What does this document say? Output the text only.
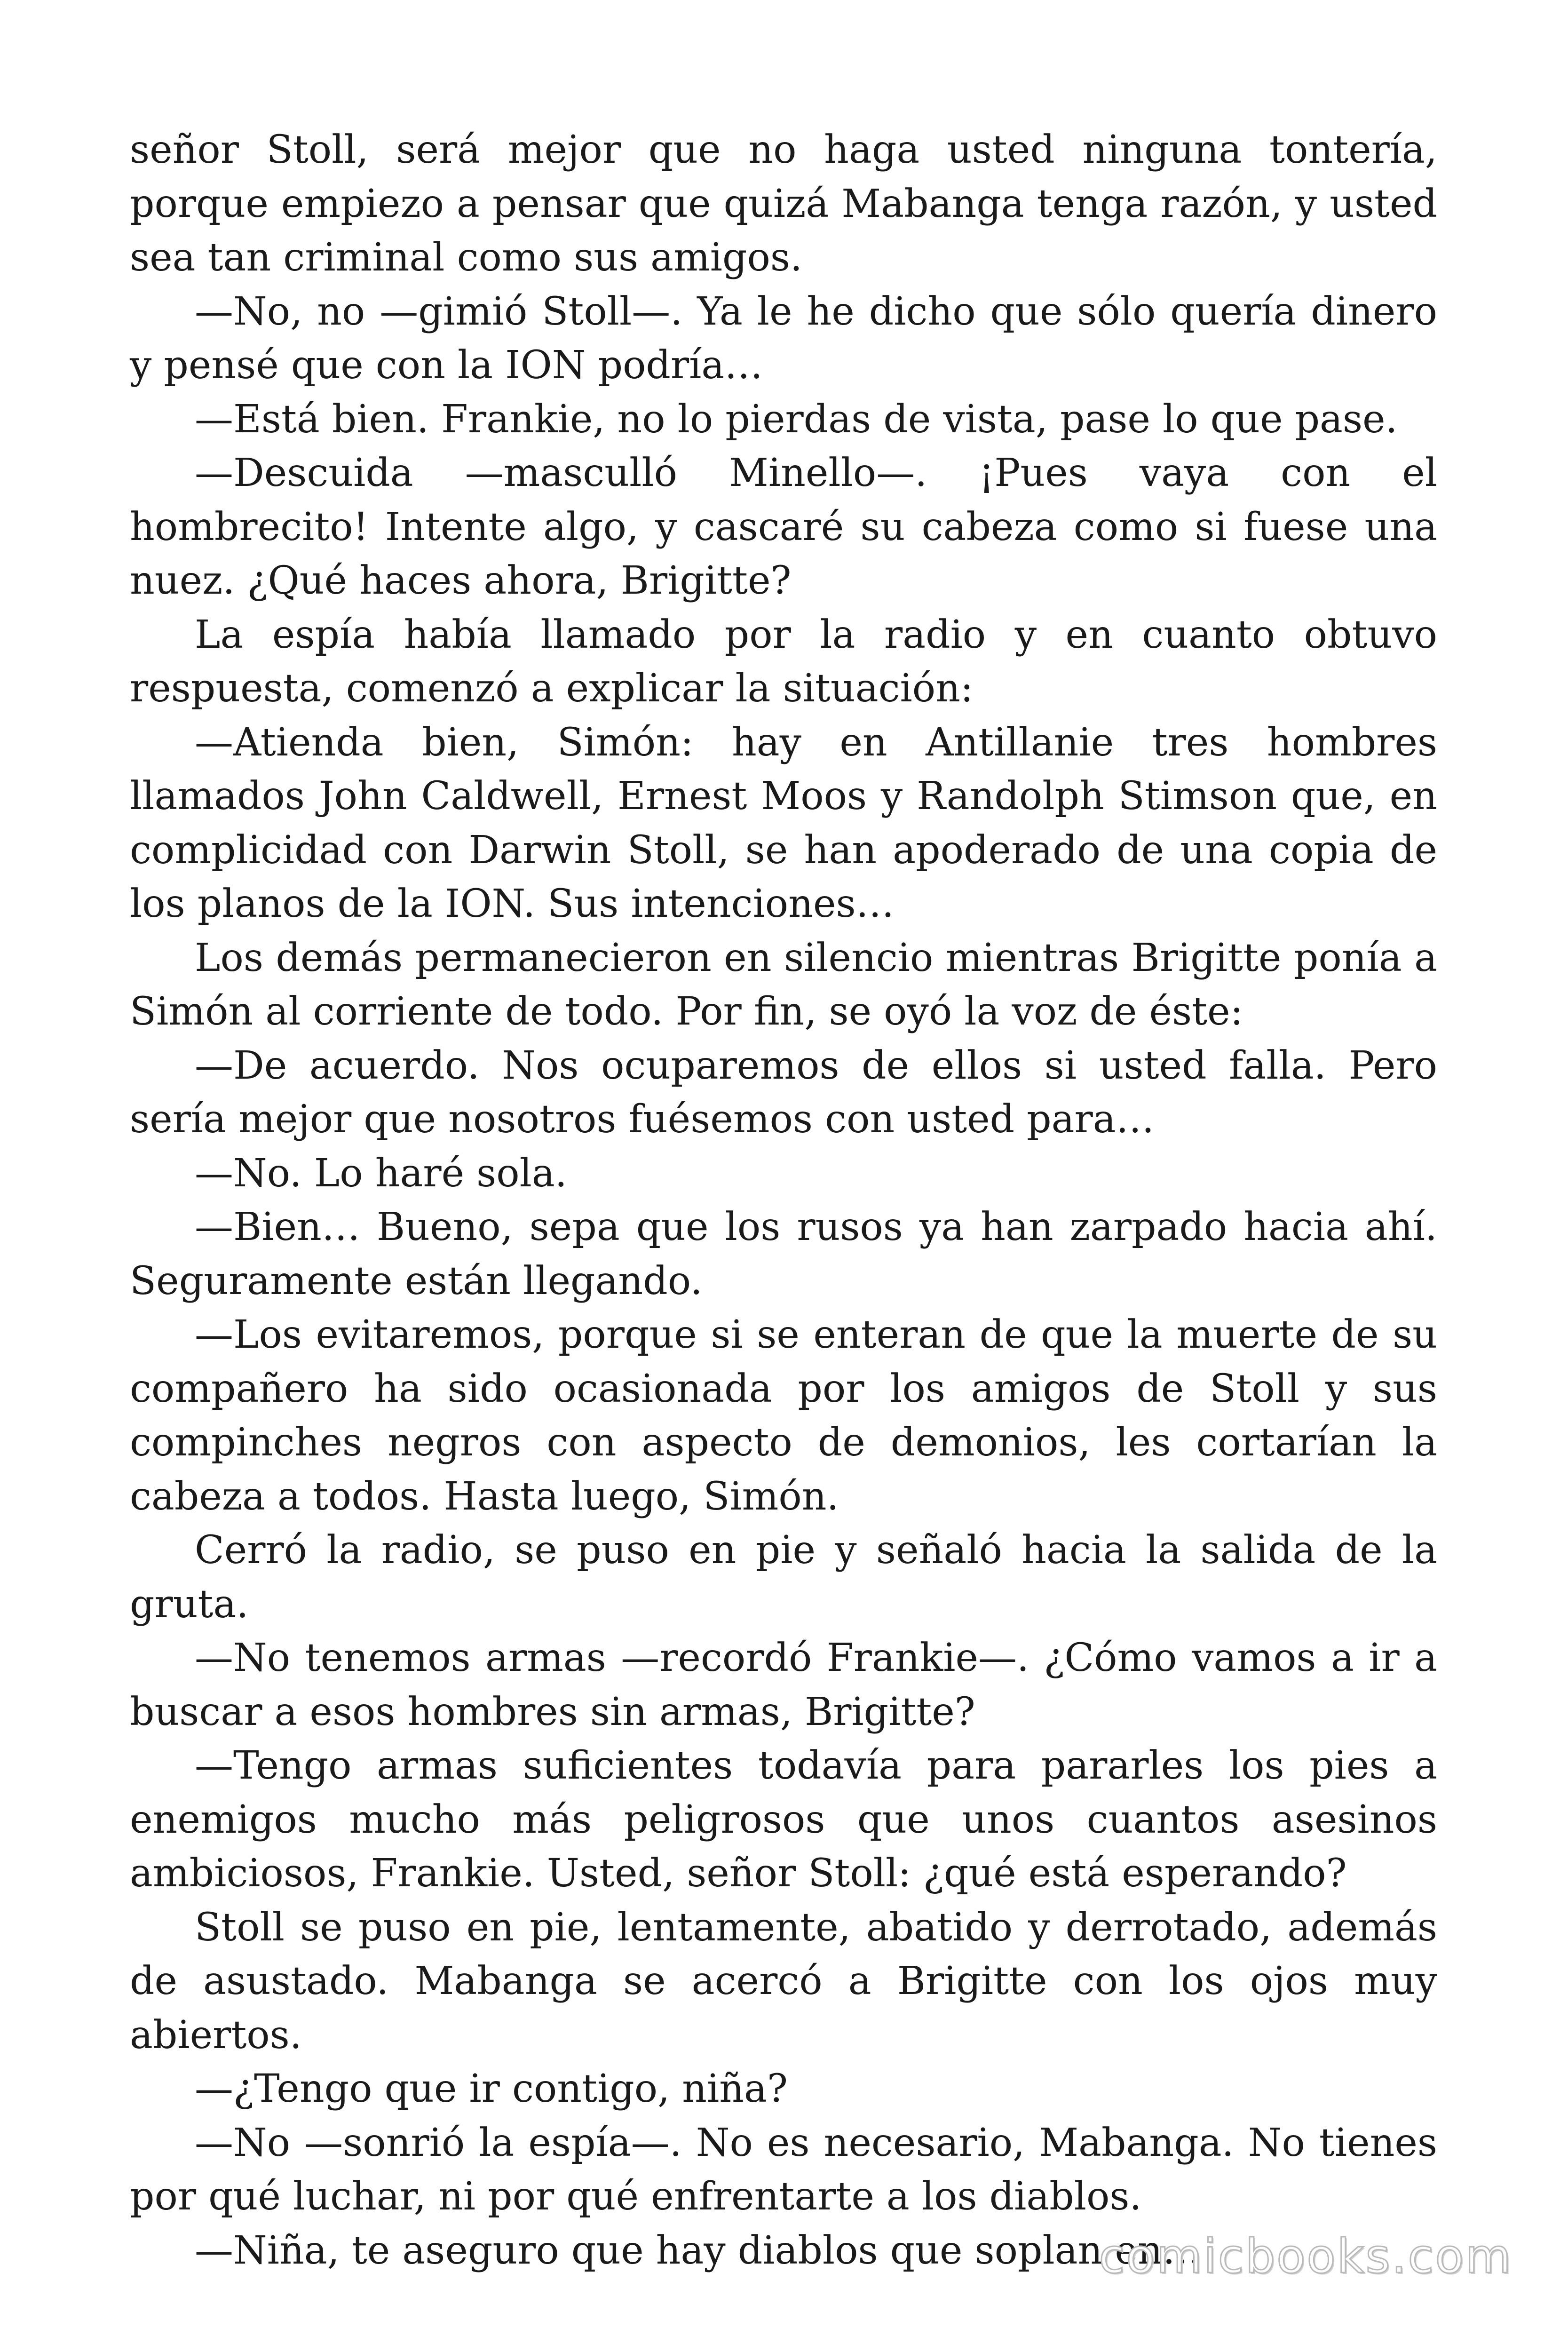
señor Stoll, será mejor que no haga usted ninguna tontería, porque empiezo a pensar que quizá Mabanga tenga razón, y usted sea tan criminal como sus amigos.

—No, no —gimió Stoll—. Ya le he dicho que sólo quería dinero y pensé que con la ION podría…

—Está bien. Frankie, no lo pierdas de vista, pase lo que pase.

—Descuida —mascullό Minello—. ¡Pues vaya con el hombrecito! Intente algo, y cascaré su cabeza como si fuese una nuez. ¿Qué haces ahora, Brigitte?

La espía había llamado por la radio y en cuanto obtuvo respuesta, comenzó a explicar la situación:

—Atienda bien, Simón: hay en Antillanie tres hombres llamados John Caldwell, Ernest Moos y Randolph Stimson que, en complicidad con Darwin Stoll, se han apoderado de una copia de los planos de la ION. Sus intenciones…

Los demás permanecieron en silencio mientras Brigitte ponía a Simón al corriente de todo. Por fin, se oyó la voz de éste:

—De acuerdo. Nos ocuparemos de ellos si usted falla. Pero sería mejor que nosotros fuésemos con usted para…

—No. Lo haré sola.

—Bien… Bueno, sepa que los rusos ya han zarpado hacia ahí. Seguramente están llegando.

—Los evitaremos, porque si se enteran de que la muerte de su compañero ha sido ocasionada por los amigos de Stoll y sus compinches negros con aspecto de demonios, les cortarían la cabeza a todos. Hasta luego, Simón.

Cerró la radio, se puso en pie y señaló hacia la salida de la gruta.

—No tenemos armas —recordó Frankie—. ¿Cómo vamos a ir a buscar a esos hombres sin armas, Brigitte?

—Tengo armas suficientes todavía para pararles los pies a enemigos mucho más peligrosos que unos cuantos asesinos ambiciosos, Frankie. Usted, señor Stoll: ¿qué está esperando?

Stoll se puso en pie, lentamente, abatido y derrotado, además de asustado. Mabanga se acercó a Brigitte con los ojos muy abiertos.

—¿Tengo que ir contigo, niña?

—No —sonrió la espía—. No es necesario, Mabanga. No tienes por qué luchar, ni por qué enfrentarte a los diablos.

—Niña, te aseguro que hay diablos que soplan en…

comicbooks.com
